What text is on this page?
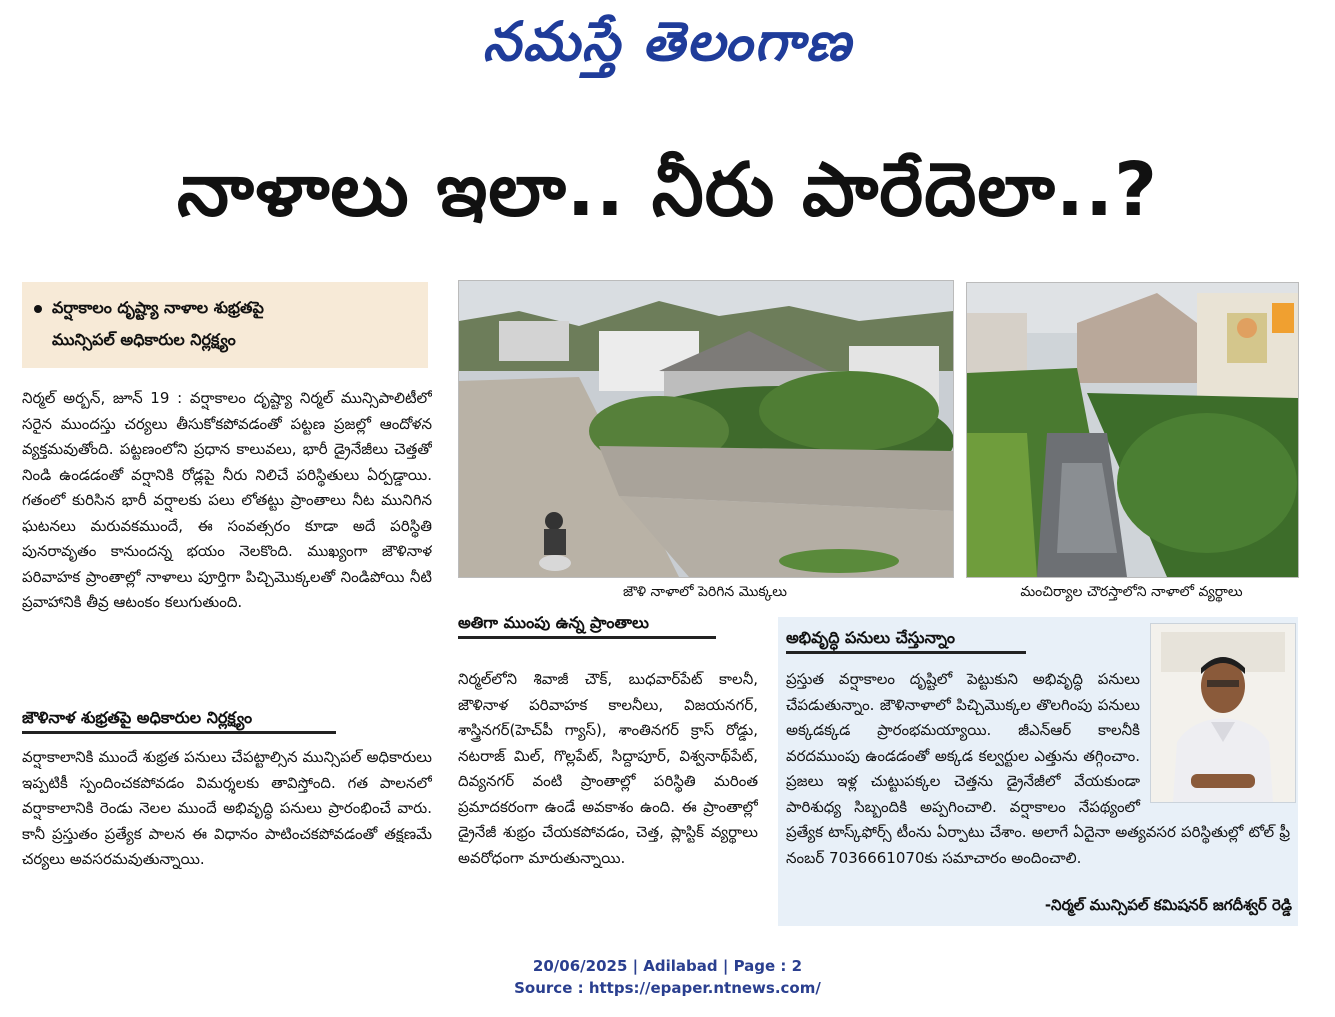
నమస్తే తెలంగాణ
నాళాలు ఇలా.. నీరు పారేదెలా..?
వర్షాకాలం దృష్ట్యా నాళాల శుభ్రతపై
మున్సిపల్ అధికారుల నిర్లక్ష్యం
నిర్మల్ అర్బన్, జూన్ 19 : వర్షాకాలం దృష్ట్యా నిర్మల్ మున్సిపాలిటీలో సరైన ముందస్తు చర్యలు తీసుకోకపోవడంతో పట్టణ ప్రజల్లో ఆందోళన వ్యక్తమవుతోంది. పట్టణంలోని ప్రధాన కాలువలు, భారీ డ్రైనేజీలు చెత్తతో నిండి ఉండడంతో వర్షానికి రోడ్లపై నీరు నిలిచే పరిస్థితులు ఏర్పడ్డాయి. గతంలో కురిసిన భారీ వర్షాలకు పలు లోతట్టు ప్రాంతాలు నీట మునిగిన ఘటనలు మరువకముందే, ఈ సంవత్సరం కూడా అదే పరిస్థితి పునరావృతం కానుందన్న భయం నెలకొంది. ముఖ్యంగా జౌళినాళ పరివాహక ప్రాంతాల్లో నాళాలు పూర్తిగా పిచ్చిమొక్కలతో నిండిపోయి నీటి ప్రవాహానికి తీవ్ర ఆటంకం కలుగుతుంది.
జౌళినాళ శుభ్రతపై అధికారుల నిర్లక్ష్యం
వర్షాకాలానికి ముందే శుభ్రత పనులు చేపట్టాల్సిన మున్సిపల్ అధికారులు ఇప్పటికీ స్పందించకపోవడం విమర్శలకు తావిస్తోంది. గత పాలనలో వర్షాకాలానికి రెండు నెలల ముందే అభివృద్ధి పనులు ప్రారంభించే వారు. కానీ ప్రస్తుతం ప్రత్యేక పాలన ఈ విధానం పాటించకపోవడంతో తక్షణమే చర్యలు అవసరమవుతున్నాయి.
జౌళి నాళాలో పెరిగిన మొక్కలు	మంచిర్యాల చౌరస్తాలోని నాళాలో వ్యర్థాలు
అతిగా ముంపు ఉన్న ప్రాంతాలు
నిర్మల్‌లోని శివాజీ చౌక్, బుధవార్‌పేట్ కాలనీ, జౌళినాళ పరివాహక కాలనీలు, విజయనగర్, శాస్త్రినగర్(హెచ్‌పీ గ్యాస్), శాంతినగర్ క్రాస్ రోడ్డు, నటరాజ్ మిల్, గొల్లపేట్, సిద్దాపూర్, విశ్వనాథ్‌పేట్, దివ్యనగర్ వంటి ప్రాంతాల్లో పరిస్థితి మరింత ప్రమాదకరంగా ఉండే అవకాశం ఉంది. ఈ ప్రాంతాల్లో డ్రైనేజీ శుభ్రం చేయకపోవడం, చెత్త, ప్లాస్టిక్ వ్యర్థాలు అవరోధంగా మారుతున్నాయి.
అభివృద్ధి పనులు చేస్తున్నాం
ప్రస్తుత వర్షాకాలం దృష్టిలో పెట్టుకుని అభివృద్ధి పనులు చేపడుతున్నాం. జౌళినాళాలో పిచ్చిమొక్కల తొలగింపు పనులు అక్కడక్కడ ప్రారంభమయ్యాయి. జీఎన్ఆర్ కాలనీకి వరదముంపు ఉండడంతో అక్కడ కల్వర్టుల ఎత్తును తగ్గించాం. ప్రజలు ఇళ్ల చుట్టుపక్కల చెత్తను డ్రైనేజీలో వేయకుండా పారిశుధ్య సిబ్బందికి అప్పగించాలి. వర్షాకాలం నేపథ్యంలో ప్రత్యేక టాస్క్‌ఫోర్స్ టీంను ఏర్పాటు చేశాం. అలాగే ఏదైనా అత్యవసర పరిస్థితుల్లో టోల్ ఫ్రీ నంబర్ 7036661070కు సమాచారం అందించాలి.
-నిర్మల్ మున్సిపల్ కమిషనర్ జగదీశ్వర్ రెడ్డి
20/06/2025 | Adilabad | Page : 2
Source : https://epaper.ntnews.com/
